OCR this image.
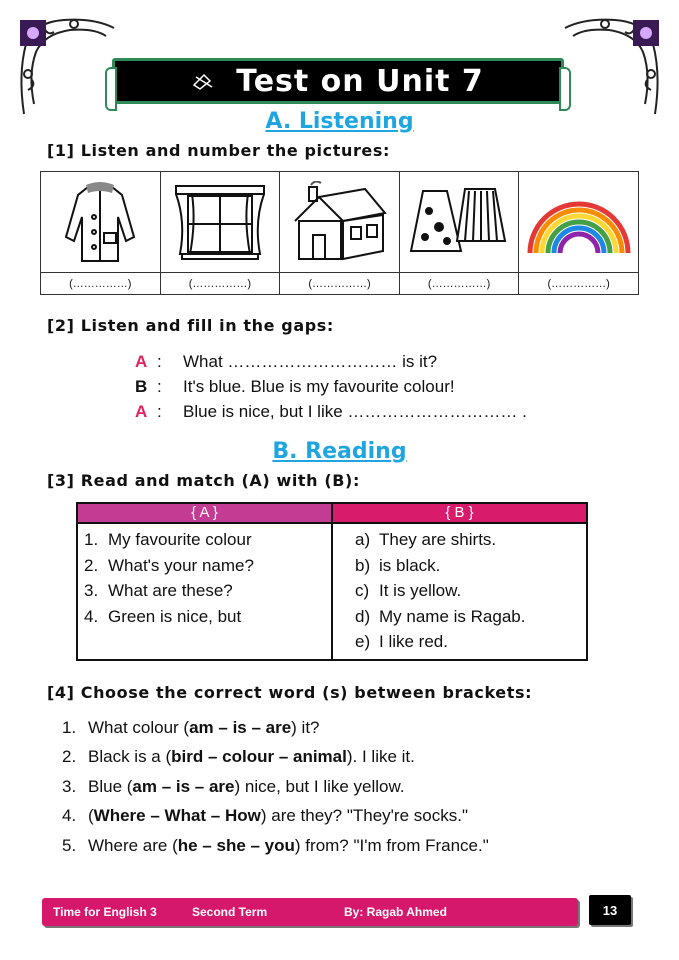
Test on Unit 7
A. Listening
[1] Listen and number the pictures:
(……………)	(……………)	(……………)	(……………)	(……………)
[2] Listen and fill in the gaps:
A :	What ………………………… is it?
B :	It's blue. Blue is my favourite colour!
A :	Blue is nice, but I like ………………………… .
B. Reading
[3] Read and match (A) with (B):
{ A }	{ B }
1. My favourite colour
2. What's your name?
3. What are these?
4. Green is nice, but
a) They are shirts.
b) is black.
c) It is yellow.
d) My name is Ragab.
e) I like red.
[4] Choose the correct word (s) between brackets:
1. What colour ( am – is – are ) it?
2. Black is a ( bird – colour – animal ). I like it.
3. Blue ( am – is – are ) nice, but I like yellow.
4. ( Where – What – How ) are they? "They're socks."
5. Where are ( he – she – you ) from? "I'm from France."
Time for English 3	Second Term	By: Ragab Ahmed	13
